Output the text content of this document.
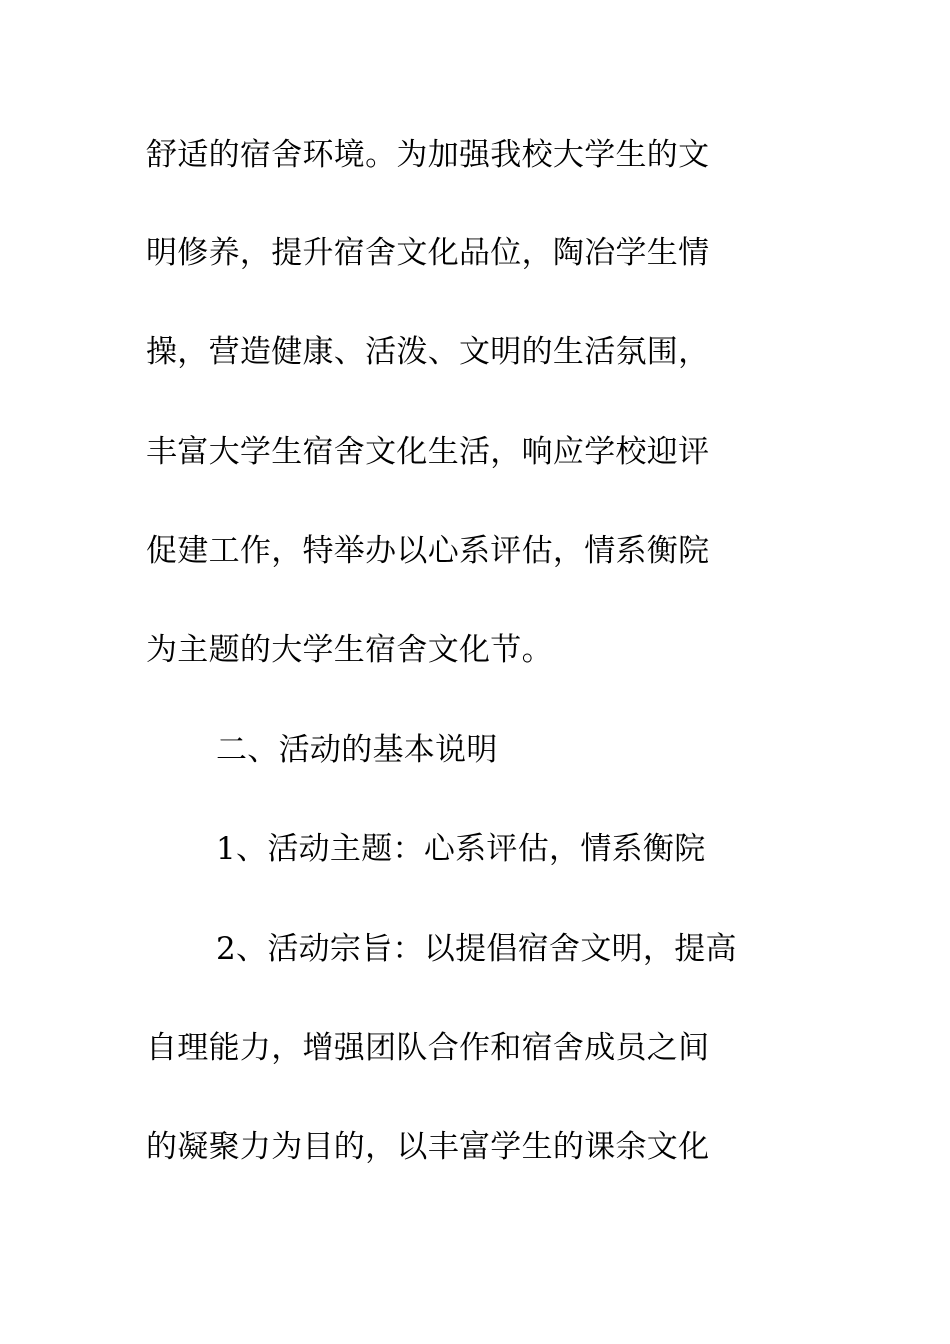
舒适的宿舍环境。为加强我校大学生的文
明修养，提升宿舍文化品位，陶冶学生情
操，营造健康、活泼、文明的生活氛围，
丰富大学生宿舍文化生活，响应学校迎评
促建工作，特举办以心系评估，情系衡院
为主题的大学生宿舍文化节。
二、活动的基本说明
1、活动主题：心系评估，情系衡院
2、活动宗旨：以提倡宿舍文明，提高
自理能力，增强团队合作和宿舍成员之间
的凝聚力为目的，以丰富学生的课余文化
